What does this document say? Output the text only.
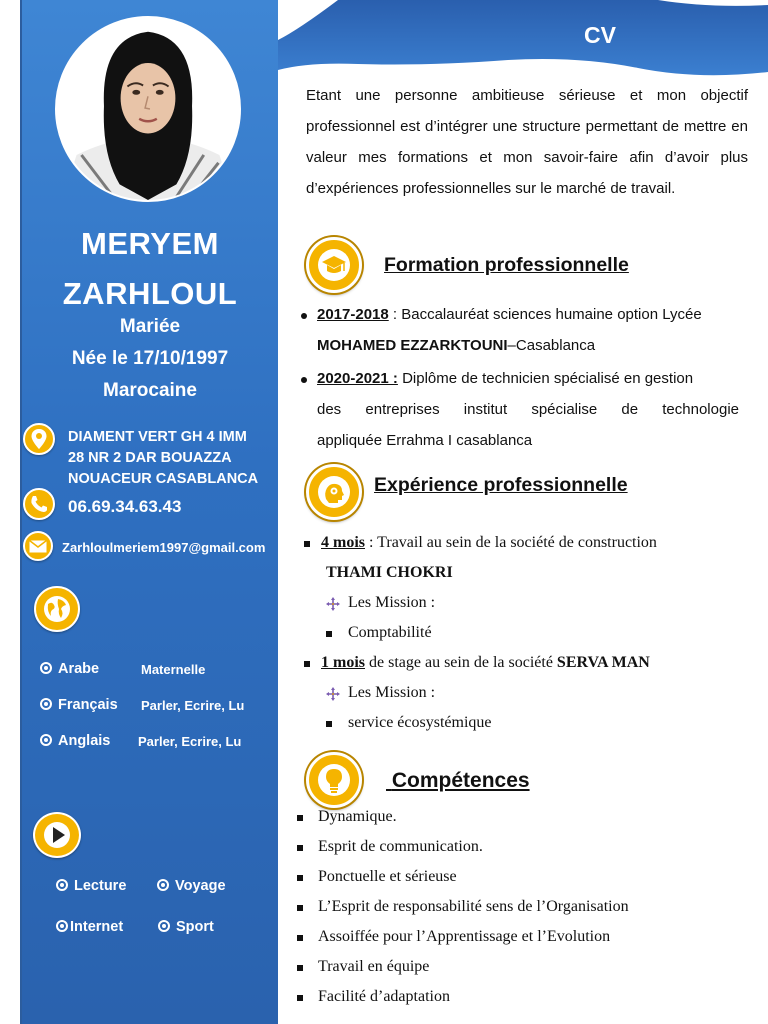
MERYEM
ZARHLOUL
Mariée
Née le 17/10/1997
Marocaine
DIAMENT VERT GH 4 IMM
28 NR 2 DAR BOUAZZA
NOUACEUR CASABLANCA
06.69.34.63.43
Zarhloulmeriem1997@gmail.com
Arabe	Maternelle
Français Parler, Ecrire, Lu
Anglais Parler, Ecrire, Lu
Lecture	Voyage
Internet	Sport
CV
Etant une personne ambitieuse sérieuse et mon objectif professionnel est d’intégrer une structure permettant de mettre en valeur mes formations et mon savoir-faire afin d’avoir plus d’expériences professionnelles sur le marché de travail.
Formation professionnelle
2017-2018 : Baccalauréat sciences humaine option Lycée
MOHAMED EZZARKTOUNI–Casablanca
2020-2021 : Diplôme de technicien spécialisé en gestion
des entreprises institut spécialise de technologie
appliquée Errahma I casablanca
Expérience professionnelle
4 mois : Travail au sein de la société de construction
THAMI CHOKRI
Les Mission :
Comptabilité
1 mois de stage au sein de la société SERVA MAN
Les Mission :
service écosystémique
Compétences
Dynamique.
Esprit de communication.
Ponctuelle et sérieuse
L’Esprit de responsabilité sens de l’Organisation
Assoiffée pour l’Apprentissage et l’Evolution
Travail en équipe
Facilité d’adaptation
